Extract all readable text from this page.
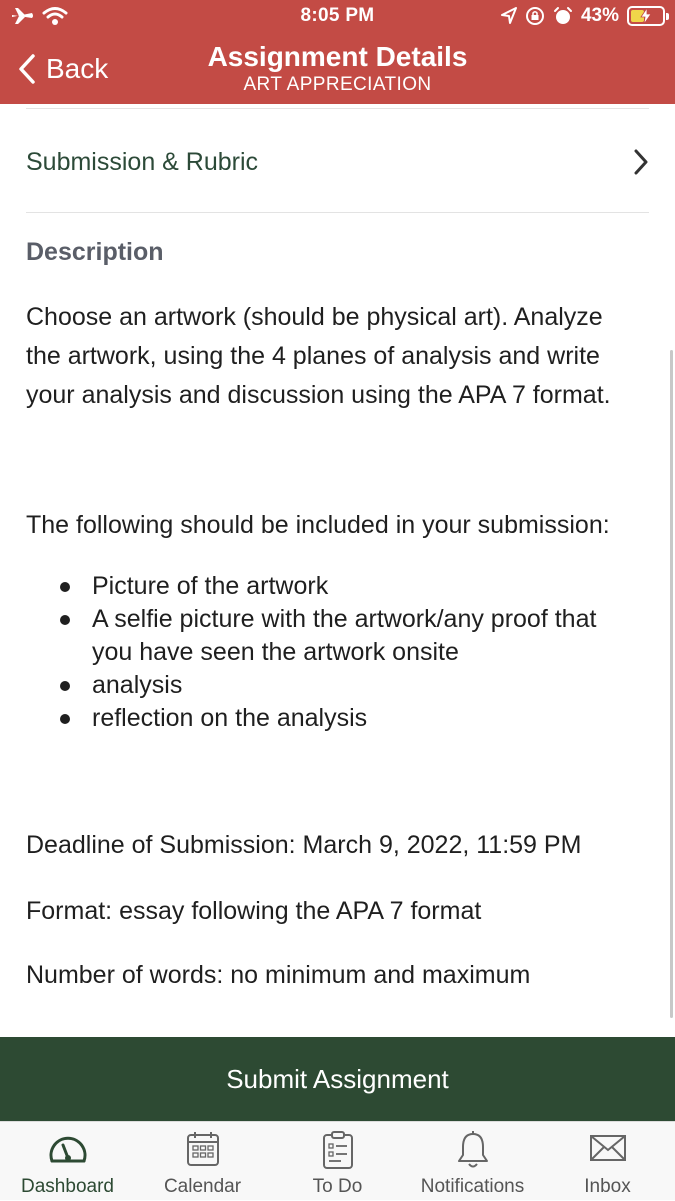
8:05 PM	43%
Back	Assignment Details
ART APPRECIATION
Submission & Rubric
Description
Choose an artwork (should be physical art). Analyze the artwork, using the 4 planes of analysis and write your analysis and discussion using the APA 7 format.
The following should be included in your submission:
Picture of the artwork
A selfie picture with the artwork/any proof that you have seen the artwork onsite
analysis
reflection on the analysis
Deadline of Submission: March 9, 2022, 11:59 PM
Format: essay following the APA 7 format
Number of words: no minimum and maximum
Submit Assignment
Dashboard	Calendar	To Do	Notifications	Inbox
